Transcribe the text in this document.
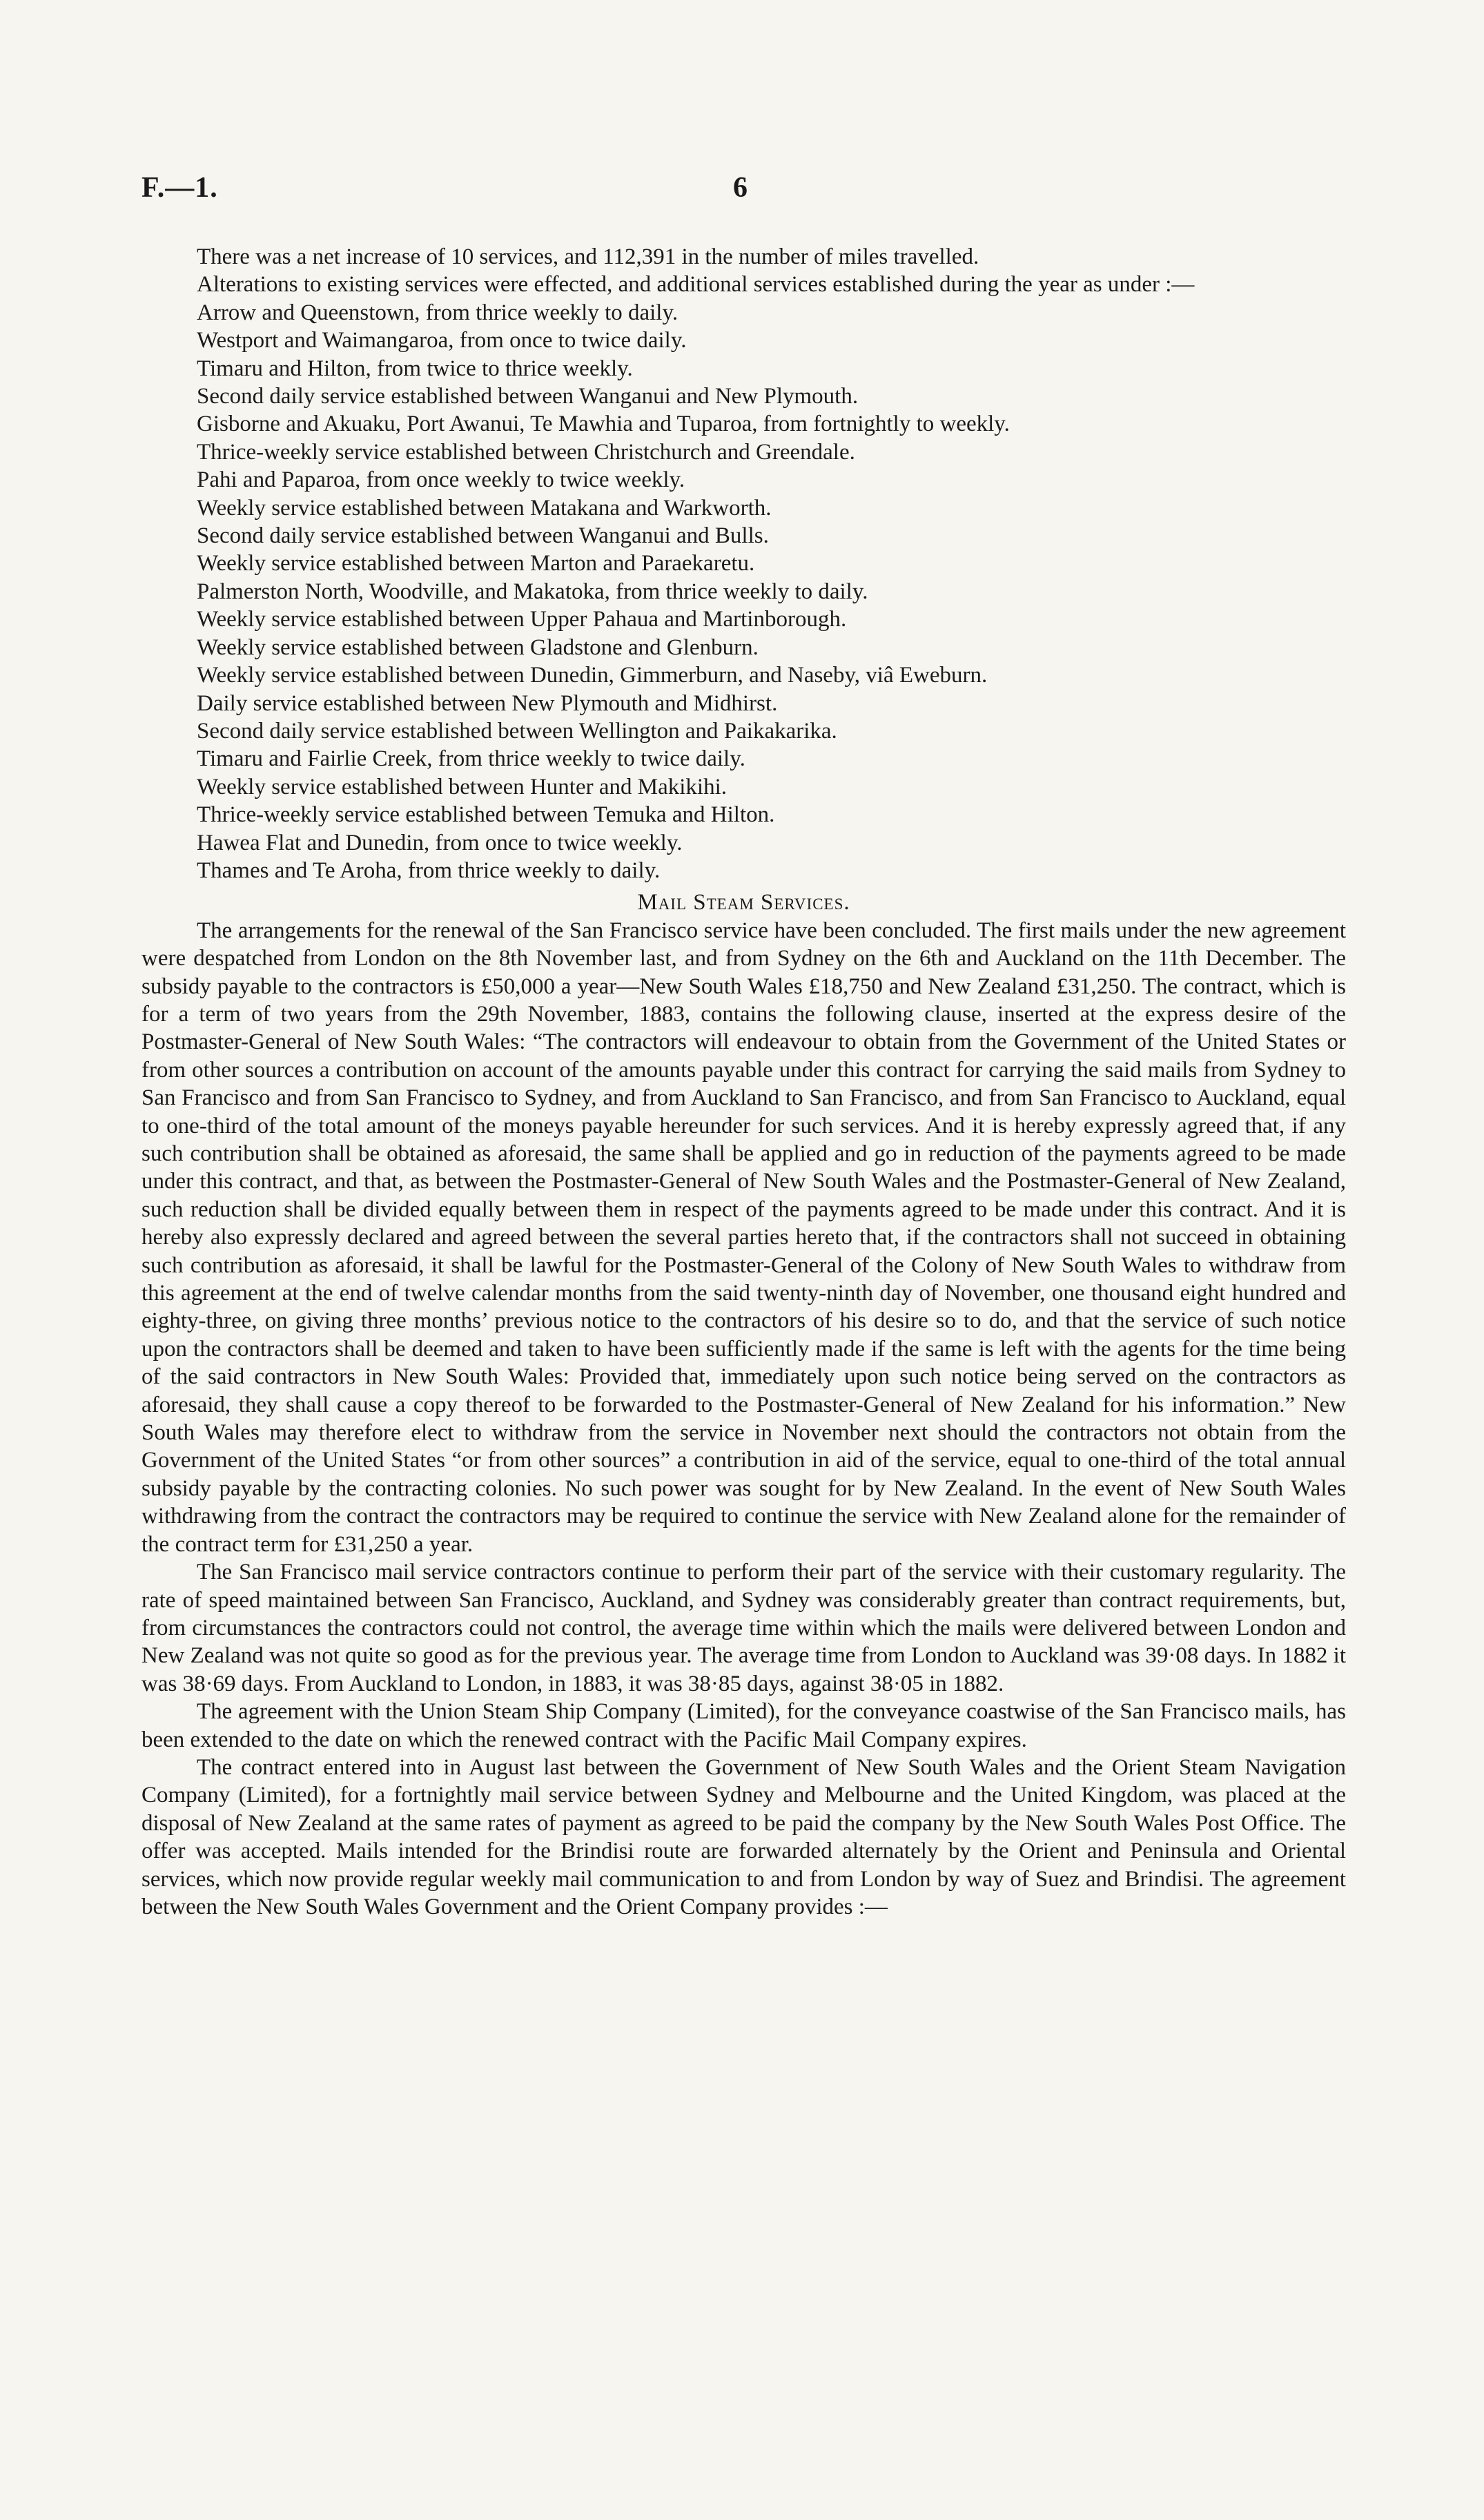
F.—1.	6

There was a net increase of 10 services, and 112,391 in the number of miles travelled.

Alterations to existing services were effected, and additional services established during the year as under :—

Arrow and Queenstown, from thrice weekly to daily.
Westport and Waimangaroa, from once to twice daily.
Timaru and Hilton, from twice to thrice weekly.
Second daily service established between Wanganui and New Plymouth.
Gisborne and Akuaku, Port Awanui, Te Mawhia and Tuparoa, from fortnightly to weekly.
Thrice-weekly service established between Christchurch and Greendale.
Pahi and Paparoa, from once weekly to twice weekly.
Weekly service established between Matakana and Warkworth.
Second daily service established between Wanganui and Bulls.
Weekly service established between Marton and Paraekaretu.
Palmerston North, Woodville, and Makatoka, from thrice weekly to daily.
Weekly service established between Upper Pahaua and Martinborough.
Weekly service established between Gladstone and Glenburn.
Weekly service established between Dunedin, Gimmerburn, and Naseby, viâ Eweburn.
Daily service established between New Plymouth and Midhirst.
Second daily service established between Wellington and Paikakarika.
Timaru and Fairlie Creek, from thrice weekly to twice daily.
Weekly service established between Hunter and Makikihi.
Thrice-weekly service established between Temuka and Hilton.
Hawea Flat and Dunedin, from once to twice weekly.
Thames and Te Aroha, from thrice weekly to daily.
Mail Steam Services.

The arrangements for the renewal of the San Francisco service have been concluded. The first mails under the new agreement were despatched from London on the 8th November last, and from Sydney on the 6th and Auckland on the 11th December. The subsidy payable to the contractors is £50,000 a year—New South Wales £18,750 and New Zealand £31,250. The contract, which is for a term of two years from the 29th November, 1883, contains the following clause, inserted at the express desire of the Postmaster-General of New South Wales: “The contractors will endeavour to obtain from the Government of the United States or from other sources a contribution on account of the amounts payable under this contract for carrying the said mails from Sydney to San Francisco and from San Francisco to Sydney, and from Auckland to San Francisco, and from San Francisco to Auckland, equal to one-third of the total amount of the moneys payable hereunder for such services. And it is hereby expressly agreed that, if any such contribution shall be obtained as aforesaid, the same shall be applied and go in reduction of the payments agreed to be made under this contract, and that, as between the Postmaster-General of New South Wales and the Postmaster-General of New Zealand, such reduction shall be divided equally between them in respect of the payments agreed to be made under this contract. And it is hereby also expressly declared and agreed between the several parties hereto that, if the contractors shall not succeed in obtaining such contribution as aforesaid, it shall be lawful for the Postmaster-General of the Colony of New South Wales to withdraw from this agreement at the end of twelve calendar months from the said twenty-ninth day of November, one thousand eight hundred and eighty-three, on giving three months’ previous notice to the contractors of his desire so to do, and that the service of such notice upon the contractors shall be deemed and taken to have been sufficiently made if the same is left with the agents for the time being of the said contractors in New South Wales: Provided that, immediately upon such notice being served on the contractors as aforesaid, they shall cause a copy thereof to be forwarded to the Postmaster-General of New Zealand for his information.” New South Wales may therefore elect to withdraw from the service in November next should the contractors not obtain from the Government of the United States “or from other sources” a contribution in aid of the service, equal to one-third of the total annual subsidy payable by the contracting colonies. No such power was sought for by New Zealand. In the event of New South Wales withdrawing from the contract the contractors may be required to continue the service with New Zealand alone for the remainder of the contract term for £31,250 a year.

The San Francisco mail service contractors continue to perform their part of the service with their customary regularity. The rate of speed maintained between San Francisco, Auckland, and Sydney was considerably greater than contract requirements, but, from circumstances the contractors could not control, the average time within which the mails were delivered between London and New Zealand was not quite so good as for the previous year. The average time from London to Auckland was 39·08 days. In 1882 it was 38·69 days. From Auckland to London, in 1883, it was 38·85 days, against 38·05 in 1882.

The agreement with the Union Steam Ship Company (Limited), for the conveyance coastwise of the San Francisco mails, has been extended to the date on which the renewed contract with the Pacific Mail Company expires.

The contract entered into in August last between the Government of New South Wales and the Orient Steam Navigation Company (Limited), for a fortnightly mail service between Sydney and Melbourne and the United Kingdom, was placed at the disposal of New Zealand at the same rates of payment as agreed to be paid the company by the New South Wales Post Office. The offer was accepted. Mails intended for the Brindisi route are forwarded alternately by the Orient and Peninsula and Oriental services, which now provide regular weekly mail communication to and from London by way of Suez and Brindisi. The agreement between the New South Wales Government and the Orient Company provides :—
